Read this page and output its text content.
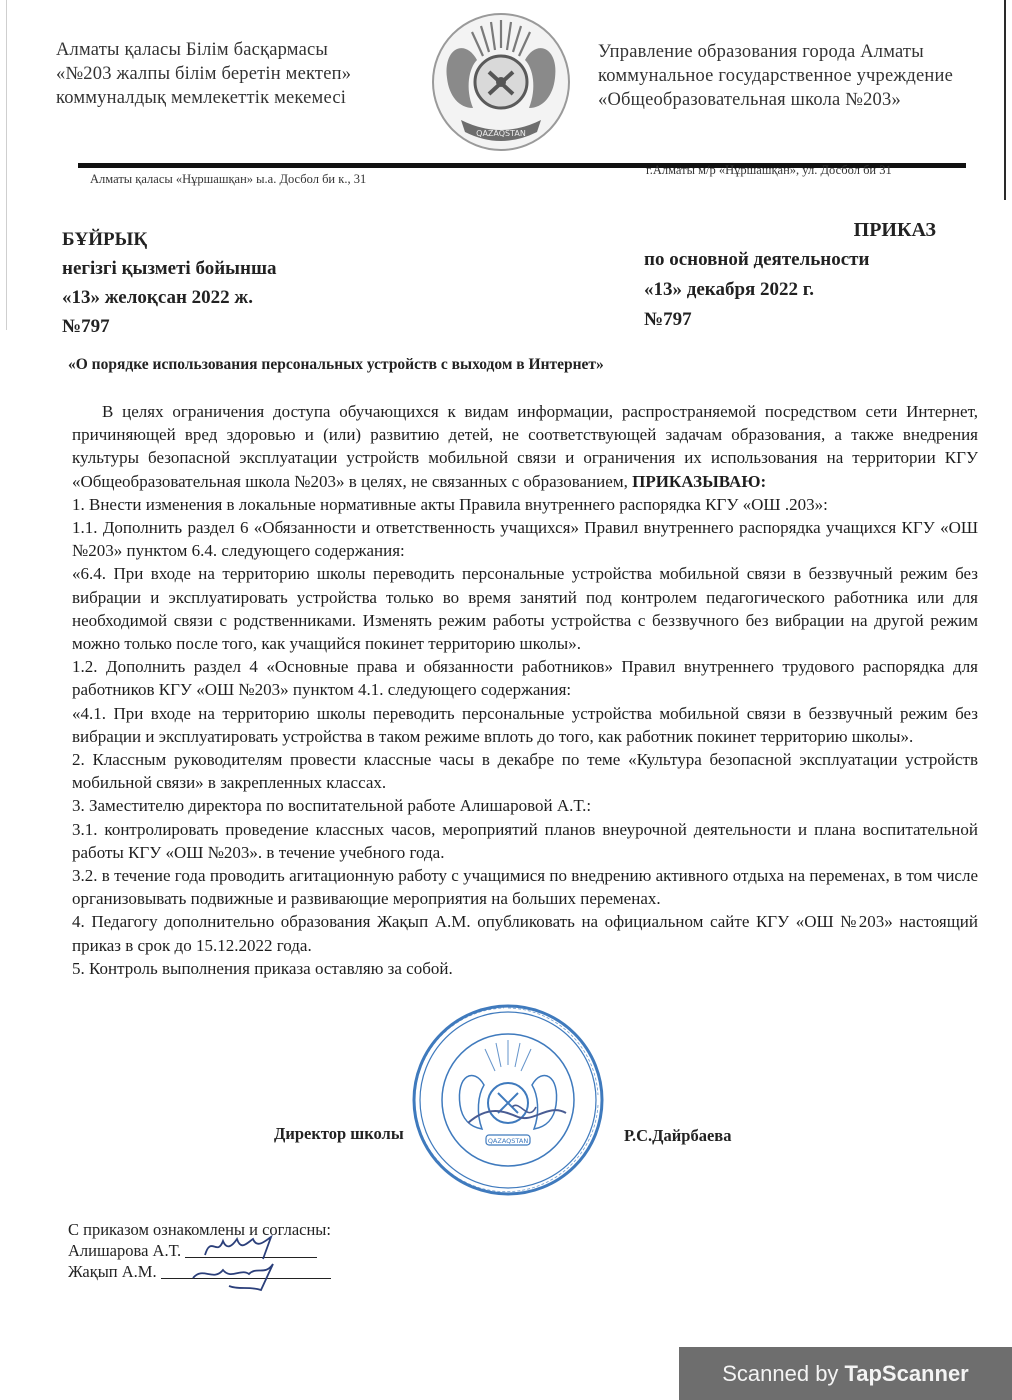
Алматы қаласы Білім басқармасы
«№203 жалпы білім беретін мектеп»
коммуналдық мемлекеттік мекемесі
QAZAQSTAN
Управление образования города Алматы
коммунальное государственное учреждение
«Общеобразовательная школа №203»
Алматы қаласы «Нұршашқан» ы.а. Досбол би к., 31
г.Алматы м/р «Нұршашқан», ул. Досбол би 31
БҰЙРЫҚ
негізгі қызметі бойынша
«13» желоқсан 2022 ж.
№797
ПРИКАЗ
по основной деятельности
«13» декабря 2022 г.
№797
«О порядке использования персональных устройств с выходом в Интернет»

В целях ограничения доступа обучающихся к видам информации, распространяемой посредством сети Интернет, причиняющей вред здоровью и (или) развитию детей, не соответствующей задачам образования, а также внедрения культуры безопасной эксплуатации устройств мобильной связи и ограничения их использования на территории КГУ «Общеобразовательная школа №203» в целях, не связанных с образованием, ПРИКАЗЫВАЮ:

1. Внести изменения в локальные нормативные акты Правила внутреннего распорядка КГУ «ОШ .203»:

1.1. Дополнить раздел 6 «Обязанности и ответственность учащихся» Правил внутреннего распорядка учащихся КГУ «ОШ №203» пунктом 6.4. следующего содержания:

«6.4. При входе на территорию школы переводить персональные устройства мобильной связи в беззвучный режим без вибрации и эксплуатировать устройства только во время занятий под контролем педагогического работника или для необходимой связи с родственниками. Изменять режим работы устройства с беззвучного без вибрации на другой режим можно только после того, как учащийся покинет территорию школы».

1.2. Дополнить раздел 4 «Основные права и обязанности работников» Правил внутреннего трудового распорядка для работников КГУ «ОШ №203» пунктом 4.1. следующего содержания:

«4.1. При входе на территорию школы переводить персональные устройства мобильной связи в беззвучный режим без вибрации и эксплуатировать устройства в таком режиме вплоть до того, как работник покинет территорию школы».

2. Классным руководителям провести классные часы в декабре по теме «Культура безопасной эксплуатации устройств мобильной связи» в закрепленных классах.

3. Заместителю директора по воспитательной работе Алишаровой А.Т.:

3.1. контролировать проведение классных часов, мероприятий планов внеурочной деятельности и плана воспитательной работы КГУ «ОШ №203». в течение учебного года.

3.2. в течение года проводить агитационную работу с учащимися по внедрению активного отдыха на переменах, в том числе организовывать подвижные и развивающие мероприятия на больших переменах.

4. Педагогу дополнительно образования Жақып А.М. опубликовать на официальном сайте КГУ «ОШ №203» настоящий приказ в срок до 15.12.2022 года.

5. Контроль выполнения приказа оставляю за собой.

Директор школы	Р.С.Дайрбаева
QAZAQSTAN
С приказом ознакомлены и согласны:
Алишарова А.Т.
Жақып А.М.
Scanned by TapScanner
